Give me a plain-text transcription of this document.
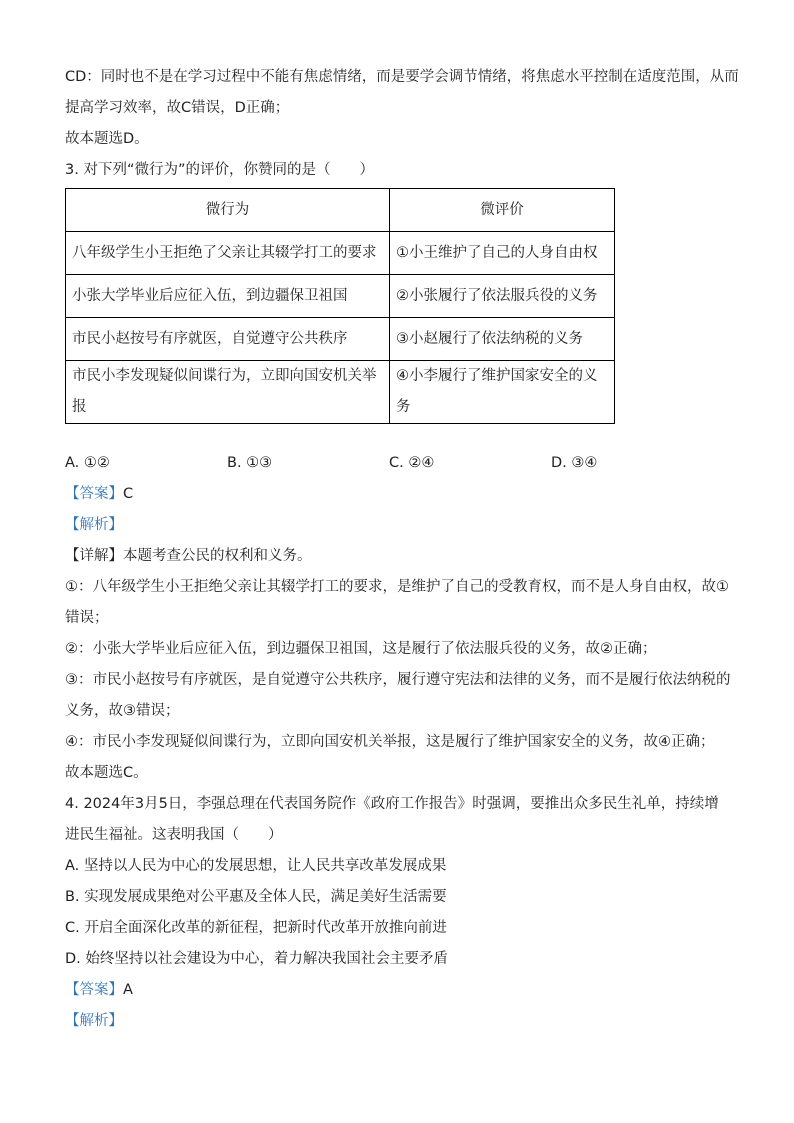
CD：同时也不是在学习过程中不能有焦虑情绪，而是要学会调节情绪，将焦虑水平控制在适度范围，从而
提高学习效率，故C错误，D正确；
故本题选D。
3. 对下列“微行为”的评价，你赞同的是（　　）
微行为	微评价
八年级学生小王拒绝了父亲让其辍学打工的要求	①小王维护了自己的人身自由权
小张大学毕业后应征入伍，到边疆保卫祖国	②小张履行了依法服兵役的义务
市民小赵按号有序就医，自觉遵守公共秩序	③小赵履行了依法纳税的义务
市民小李发现疑似间谍行为，立即向国安机关举报	④小李履行了维护国家安全的义务
A. ①②	B. ①③	C. ②④	D. ③④
【答案】C
【解析】
【详解】本题考查公民的权利和义务。
①：八年级学生小王拒绝父亲让其辍学打工的要求，是维护了自己的受教育权，而不是人身自由权，故①
错误；
②：小张大学毕业后应征入伍，到边疆保卫祖国，这是履行了依法服兵役的义务，故②正确；
③：市民小赵按号有序就医，是自觉遵守公共秩序，履行遵守宪法和法律的义务，而不是履行依法纳税的
义务，故③错误；
④：市民小李发现疑似间谍行为，立即向国安机关举报，这是履行了维护国家安全的义务，故④正确；
故本题选C。
4. 2024年3月5日，李强总理在代表国务院作《政府工作报告》时强调，要推出众多民生礼单，持续增
进民生福祉。这表明我国（　　）
A. 坚持以人民为中心的发展思想，让人民共享改革发展成果
B. 实现发展成果绝对公平惠及全体人民，满足美好生活需要
C. 开启全面深化改革的新征程，把新时代改革开放推向前进
D. 始终坚持以社会建设为中心，着力解决我国社会主要矛盾
【答案】A
【解析】
